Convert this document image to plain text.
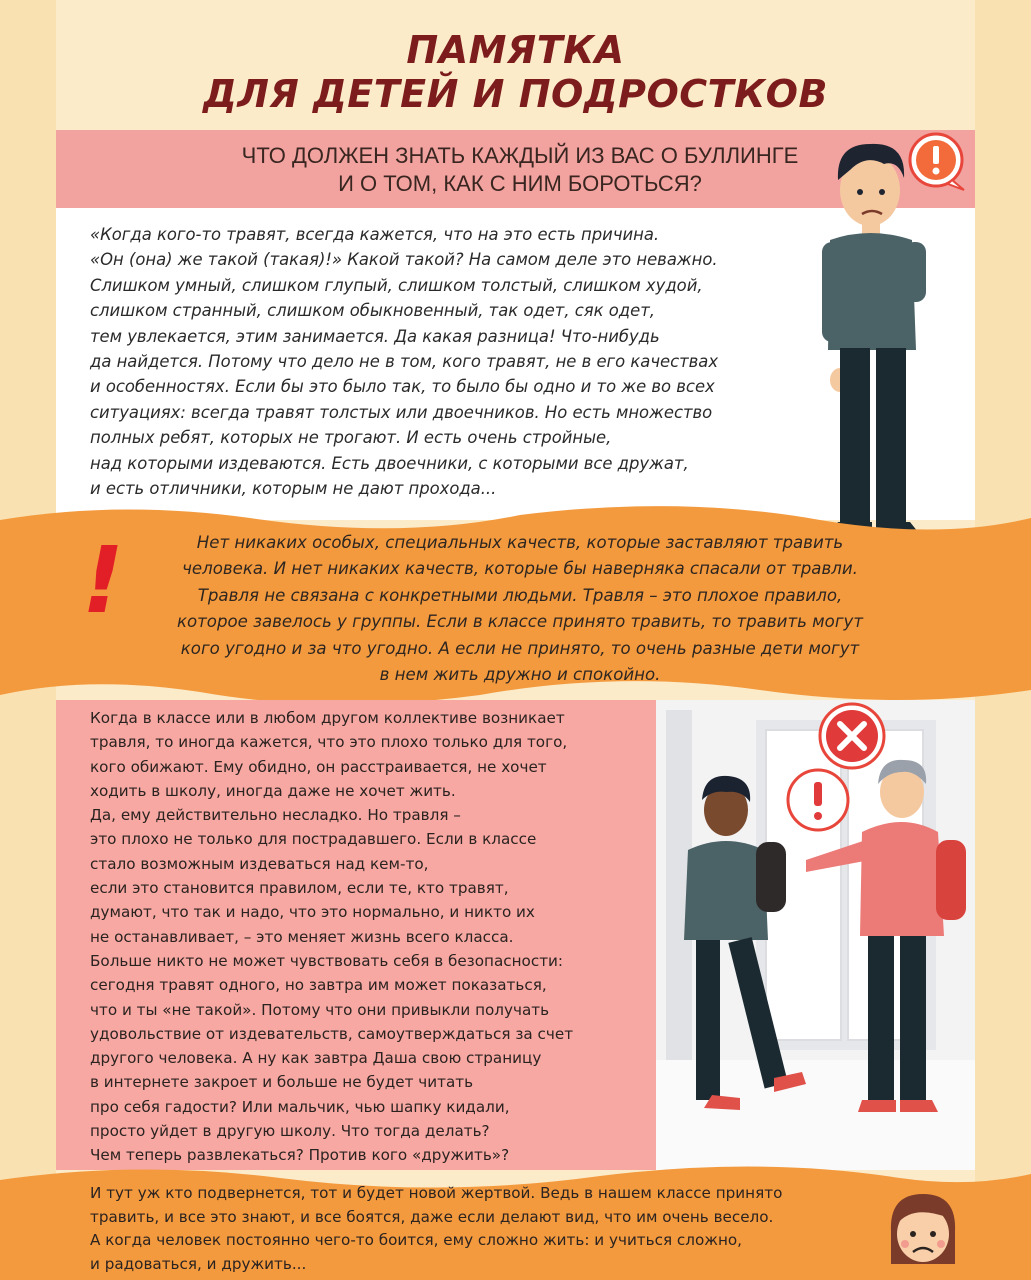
ПАМЯТКА
ДЛЯ ДЕТЕЙ И ПОДРОСТКОВ
ЧТО ДОЛЖЕН ЗНАТЬ КАЖДЫЙ ИЗ ВАС О БУЛЛИНГЕ
И О ТОМ, КАК С НИМ БОРОТЬСЯ?
«Когда кого-то травят, всегда кажется, что на это есть причина.
«Он (она) же такой (такая)!» Какой такой? На самом деле это неважно.
Слишком умный, слишком глупый, слишком толстый, слишком худой,
слишком странный, слишком обыкновенный, так одет, сяк одет,
тем увлекается, этим занимается. Да какая разница! Что-нибудь
да найдется. Потому что дело не в том, кого травят, не в его качествах
и особенностях. Если бы это было так, то было бы одно и то же во всех
ситуациях: всегда травят толстых или двоечников. Но есть множество
полных ребят, которых не трогают. И есть очень стройные,
над которыми издеваются. Есть двоечники, с которыми все дружат,
и есть отличники, которым не дают прохода...
!	Нет никаких особых, специальных качеств, которые заставляют травить
человека. И нет никаких качеств, которые бы наверняка спасали от травли.
Травля не связана с конкретными людьми. Травля – это плохое правило,
которое завелось у группы. Если в классе принято травить, то травить могут
кого угодно и за что угодно. А если не принято, то очень разные дети могут
в нем жить дружно и спокойно.
Когда в классе или в любом другом коллективе возникает
травля, то иногда кажется, что это плохо только для того,
кого обижают. Ему обидно, он расстраивается, не хочет
ходить в школу, иногда даже не хочет жить.
Да, ему действительно несладко. Но травля –
это плохо не только для пострадавшего. Если в классе
стало возможным издеваться над кем-то,
если это становится правилом, если те, кто травят,
думают, что так и надо, что это нормально, и никто их
не останавливает, – это меняет жизнь всего класса.
Больше никто не может чувствовать себя в безопасности:
сегодня травят одного, но завтра им может показаться,
что и ты «не такой». Потому что они привыкли получать
удовольствие от издевательств, самоутверждаться за счет
другого человека. А ну как завтра Даша свою страницу
в интернете закроет и больше не будет читать
про себя гадости? Или мальчик, чью шапку кидали,
просто уйдет в другую школу. Что тогда делать?
Чем теперь развлекаться? Против кого «дружить»?
И тут уж кто подвернется, тот и будет новой жертвой. Ведь в нашем классе принято
травить, и все это знают, и все боятся, даже если делают вид, что им очень весело.
А когда человек постоянно чего-то боится, ему сложно жить: и учиться сложно,
и радоваться, и дружить...
